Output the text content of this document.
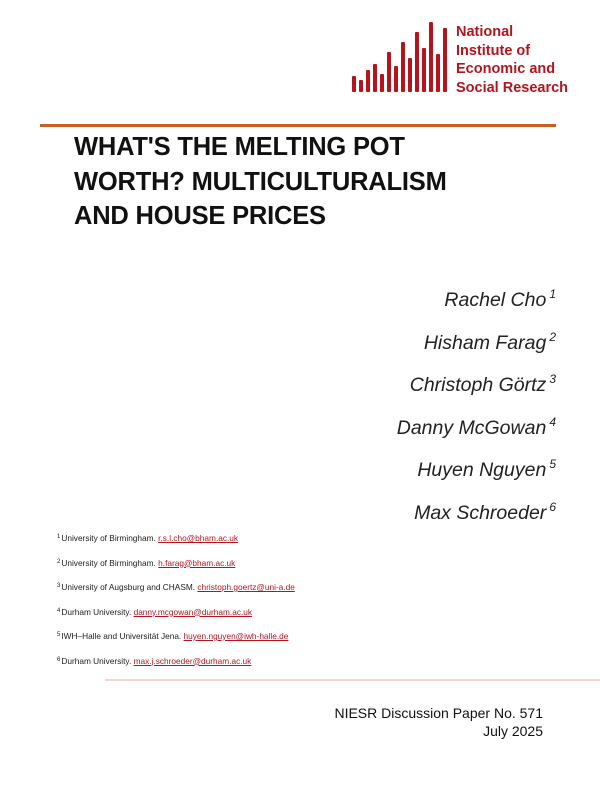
National
Institute of
Economic and
Social Research
WHAT'S THE MELTING POT
WORTH? MULTICULTURALISM
AND HOUSE PRICES
Rachel Cho $^1$
Hisham Farag $^2$
Christoph Görtz $^3$
Danny McGowan $^4$
Huyen Nguyen $^5$
Max Schroeder $^6$
$^1$University of Birmingham. r.s.l.cho@bham.ac.uk
$^2$University of Birmingham. h.farag@bham.ac.uk
$^3$University of Augsburg and CHASM. christoph.goertz@uni-a.de
$^4$Durham University. danny.mcgowan@durham.ac.uk
$^5$IWH–Halle and Universität Jena. huyen.nguyen@iwh-halle.de
$^6$Durham University. max.j.schroeder@durham.ac.uk
NIESR Discussion Paper No. 571
July 2025
